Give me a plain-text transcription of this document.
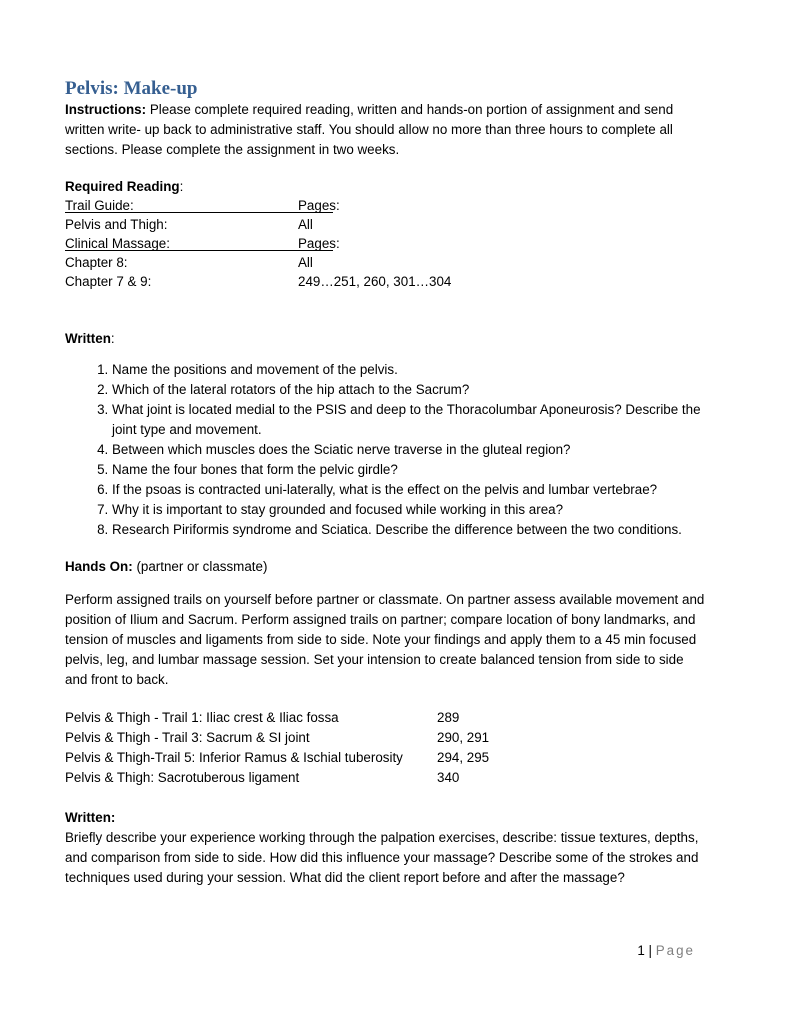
Pelvis: Make-up
Instructions: Please complete required reading, written and hands-on portion of assignment and send written write- up back to administrative staff. You should allow no more than three hours to complete all sections. Please complete the assignment in two weeks.
Required Reading:
Trail Guide:	Pages:
Pelvis and Thigh:	All
Clinical Massage:	Pages:
Chapter 8:	All
Chapter 7 & 9:	249…251, 260, 301…304
Written:
1. Name the positions and movement of the pelvis.
2. Which of the lateral rotators of the hip attach to the Sacrum?
3. What joint is located medial to the PSIS and deep to the Thoracolumbar Aponeurosis? Describe the joint type and movement.
4. Between which muscles does the Sciatic nerve traverse in the gluteal region?
5. Name the four bones that form the pelvic girdle?
6. If the psoas is contracted uni-laterally, what is the effect on the pelvis and lumbar vertebrae?
7. Why it is important to stay grounded and focused while working in this area?
8. Research Piriformis syndrome and Sciatica. Describe the difference between the two conditions.
Hands On: (partner or classmate)
Perform assigned trails on yourself before partner or classmate. On partner assess available movement and position of Ilium and Sacrum. Perform assigned trails on partner; compare location of bony landmarks, and tension of muscles and ligaments from side to side. Note your findings and apply them to a 45 min focused pelvis, leg, and lumbar massage session. Set your intension to create balanced tension from side to side and front to back.
Pelvis & Thigh - Trail 1: Iliac crest & Iliac fossa	289
Pelvis & Thigh - Trail 3: Sacrum & SI joint	290, 291
Pelvis & Thigh-Trail 5: Inferior Ramus & Ischial tuberosity	294, 295
Pelvis & Thigh: Sacrotuberous ligament	340
Written:
Briefly describe your experience working through the palpation exercises, describe: tissue textures, depths, and comparison from side to side. How did this influence your massage? Describe some of the strokes and techniques used during your session. What did the client report before and after the massage?
1 | Page
